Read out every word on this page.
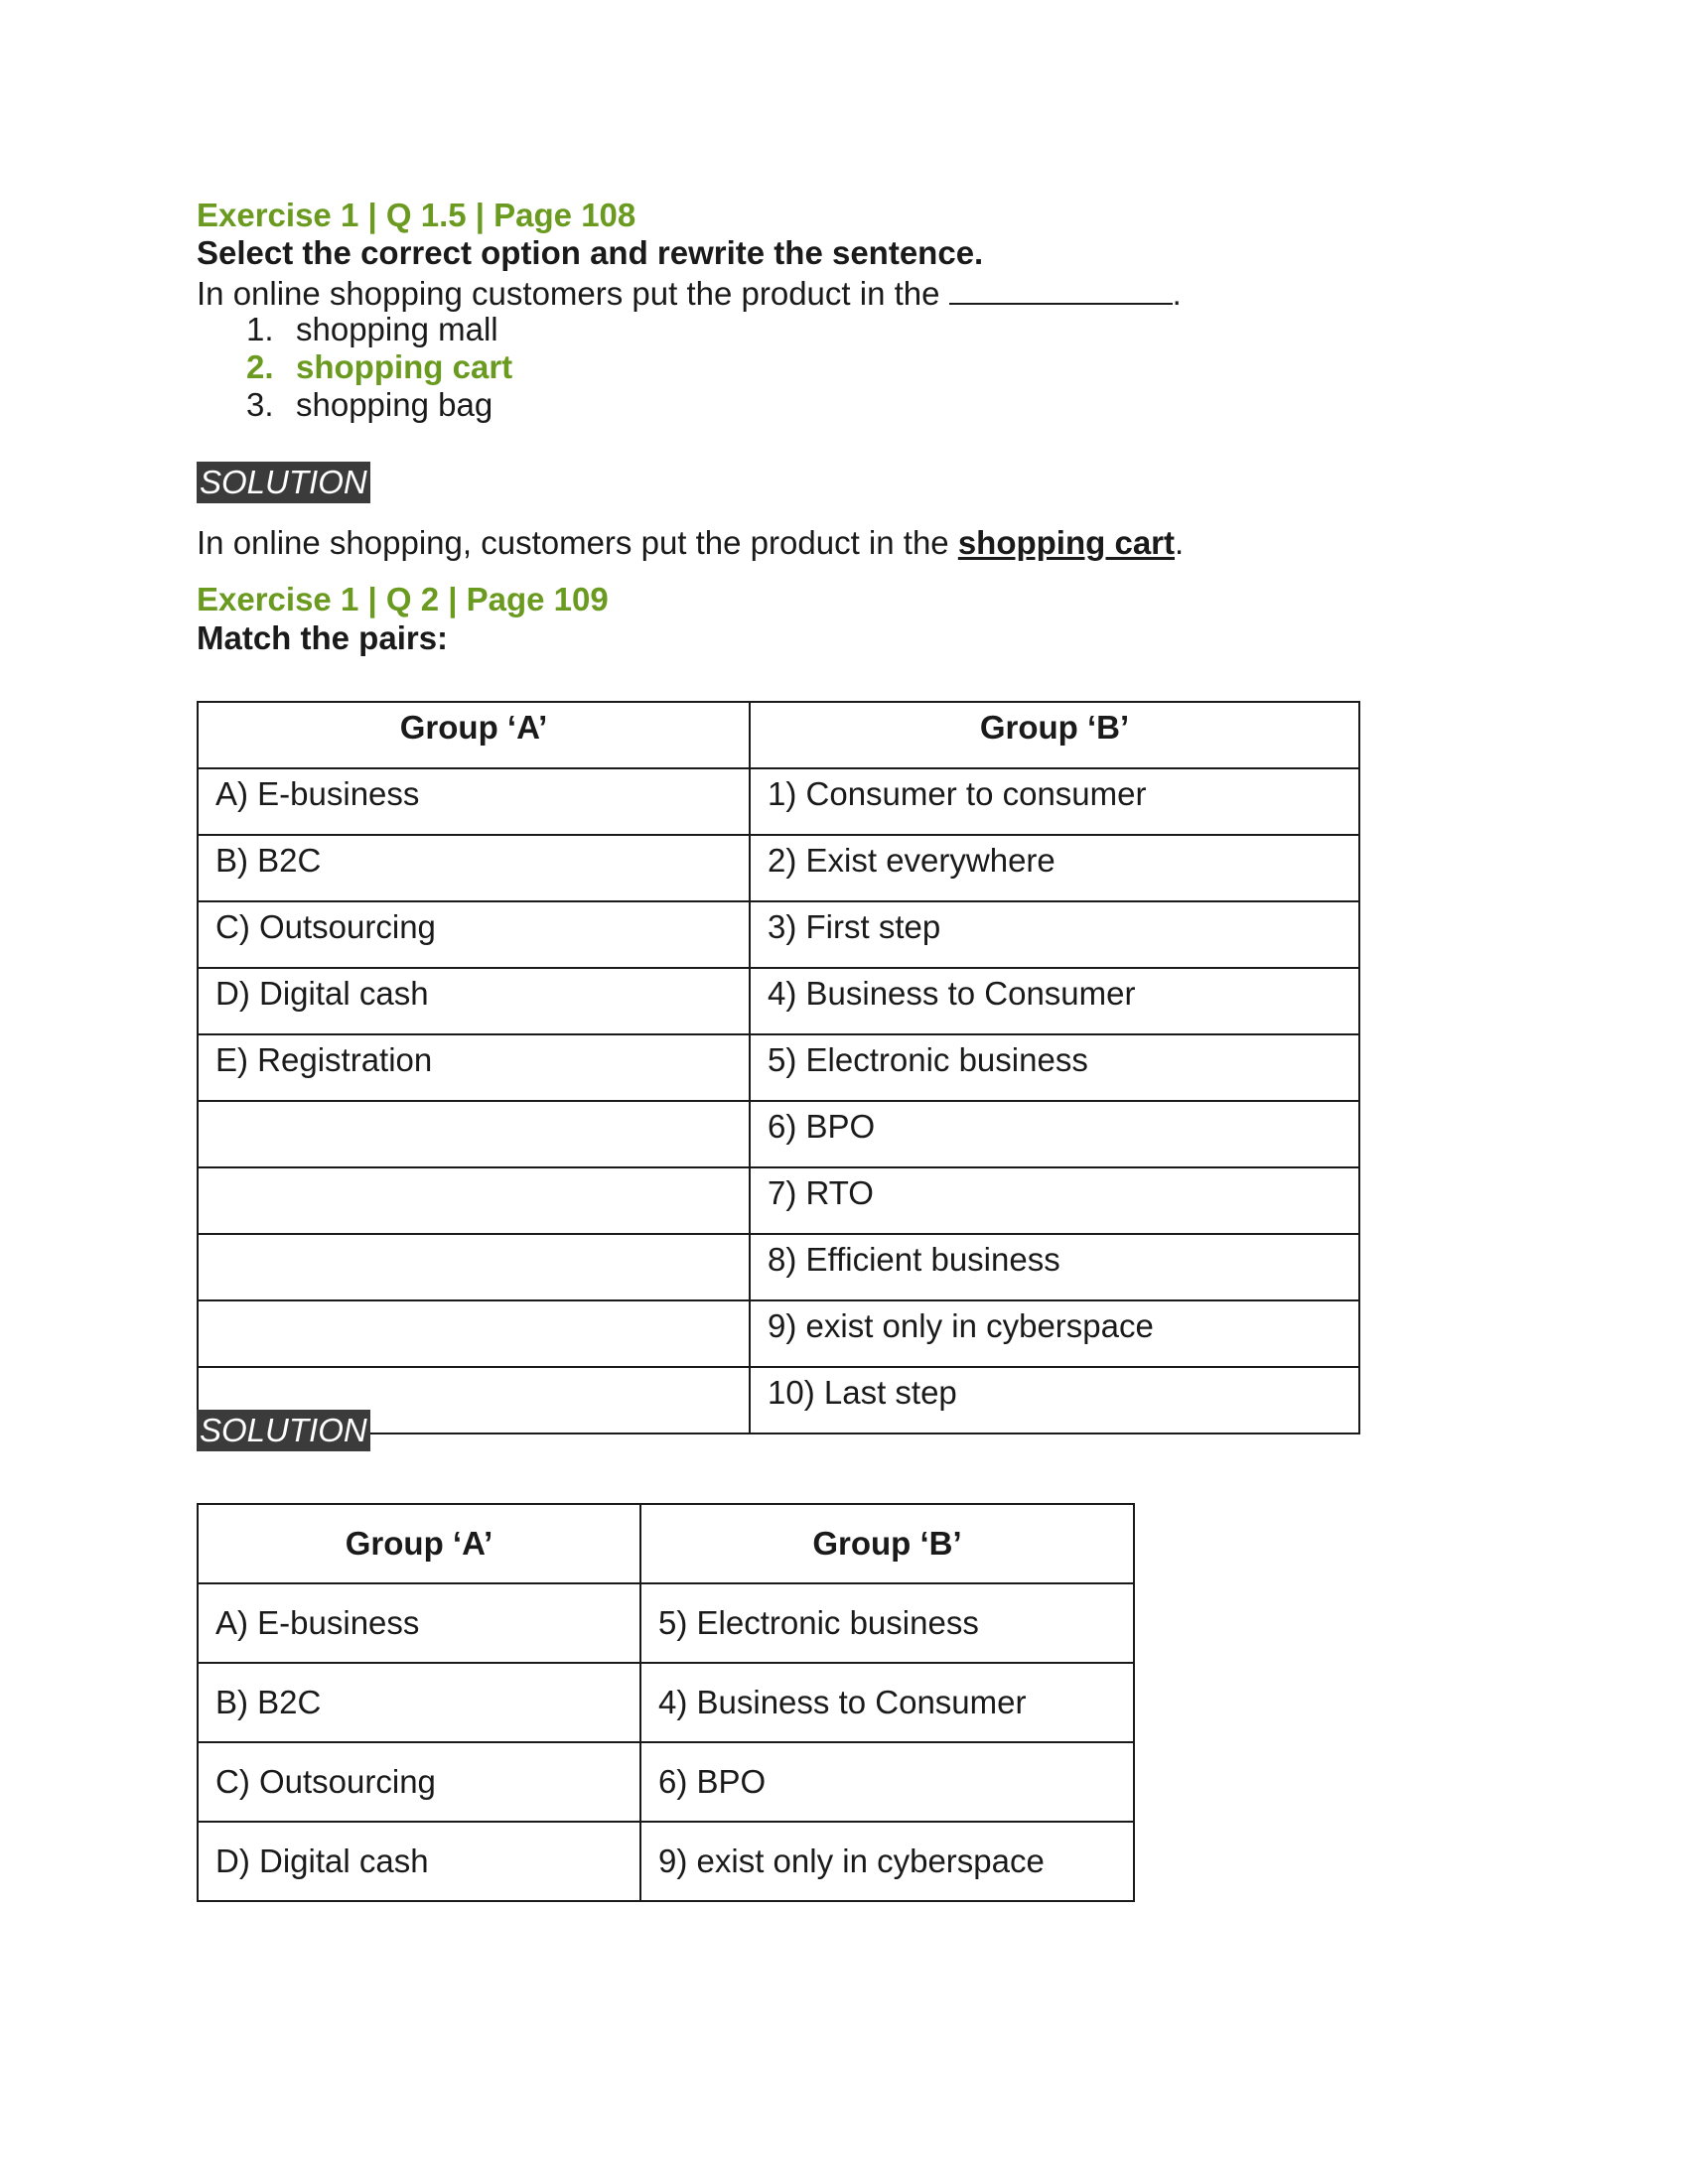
Exercise 1 | Q 1.5 | Page 108
Select the correct option and rewrite the sentence.
In online shopping customers put the product in the	.
1. shopping mall
2. shopping cart
3. shopping bag
SOLUTION
In online shopping, customers put the product in the shopping cart.
Exercise 1 | Q 2 | Page 109
Match the pairs:
Group ‘A’	Group ‘B’
A) E-business	1) Consumer to consumer
B) B2C	2) Exist everywhere
C) Outsourcing	3) First step
D) Digital cash	4) Business to Consumer
E) Registration	5) Electronic business
	6) BPO
	7) RTO
	8) Efficient business
	9) exist only in cyberspace
	10) Last step
SOLUTION
Group ‘A’	Group ‘B’
A) E-business	5) Electronic business
B) B2C	4) Business to Consumer
C) Outsourcing	6) BPO
D) Digital cash	9) exist only in cyberspace
